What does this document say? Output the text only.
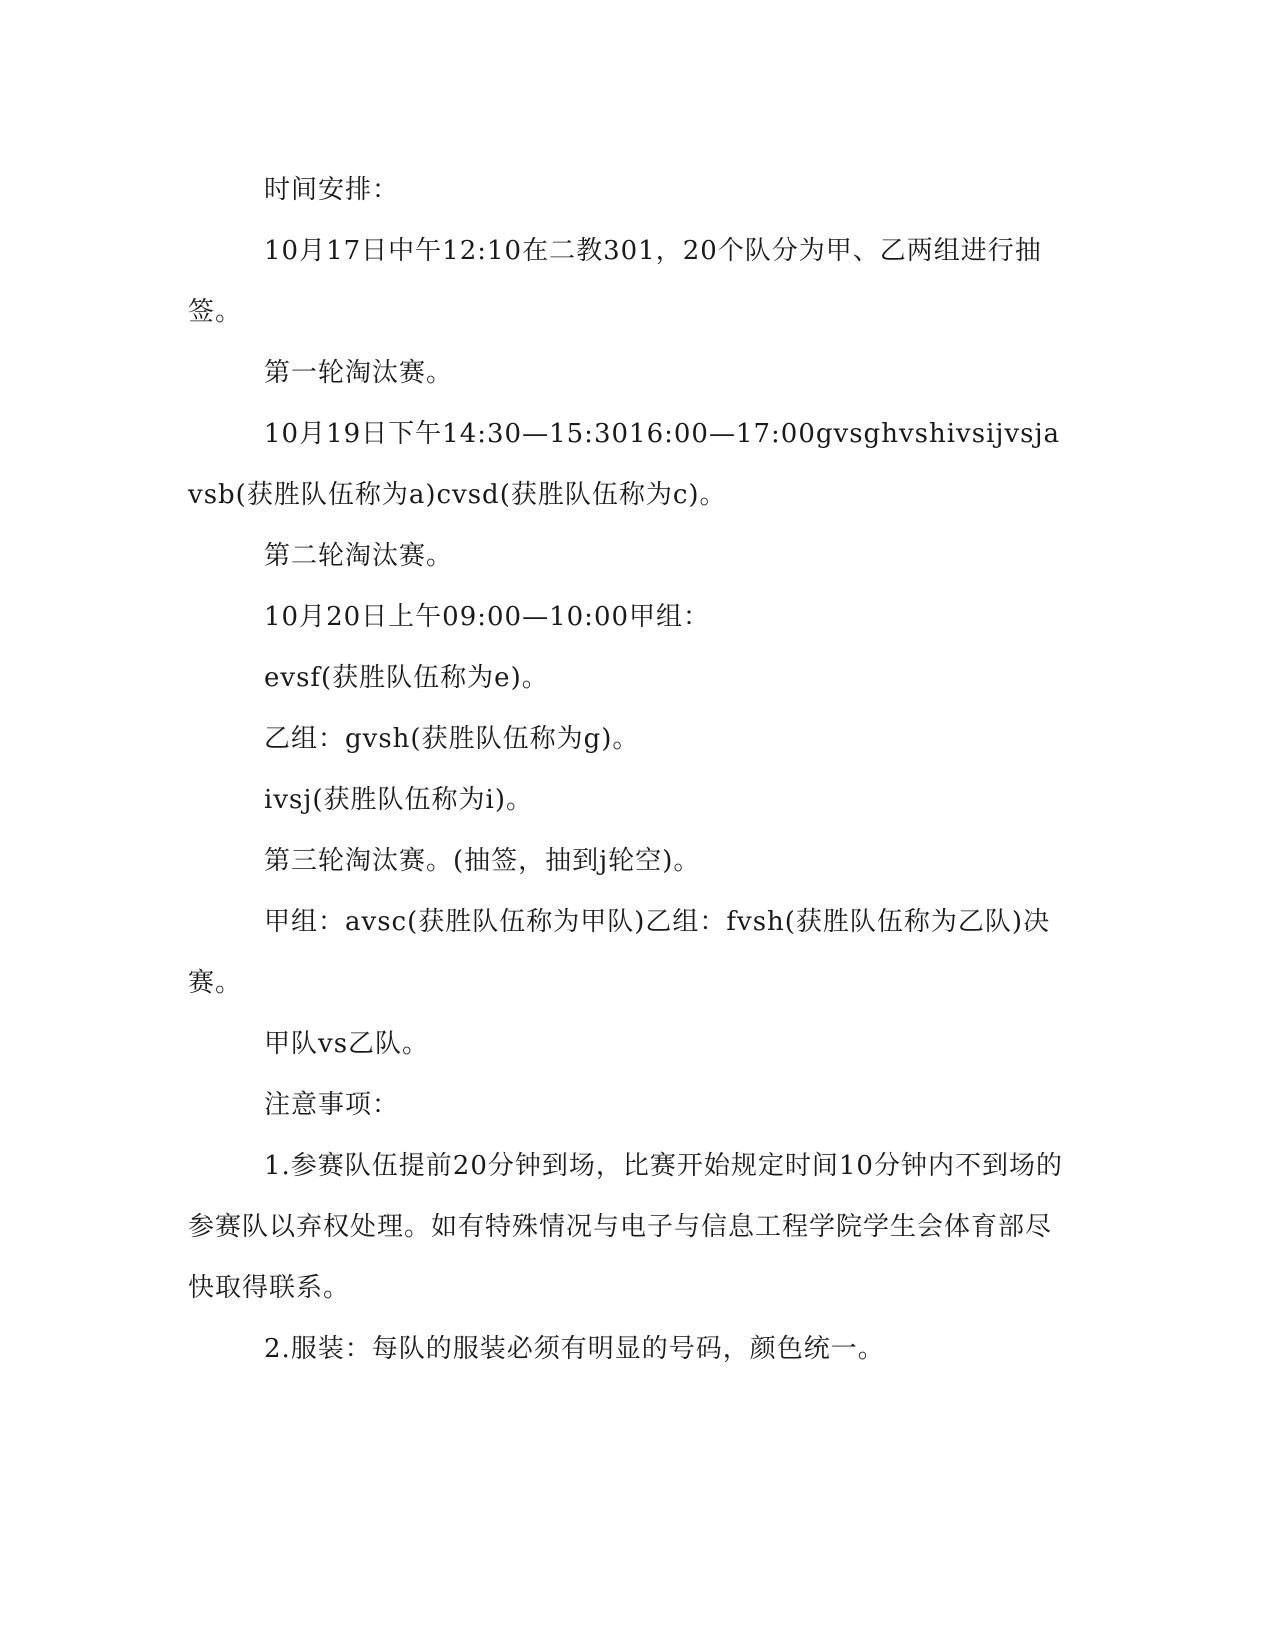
时间安排：

10月17日中午12:10在二教301，20个队分为甲、乙两组进行抽签。

第一轮淘汰赛。

10月19日下午14:30—15:3016:00—17:00gvsghvshivsijvsjavsb(获胜队伍称为a)cvsd(获胜队伍称为c)。

第二轮淘汰赛。

10月20日上午09:00—10:00甲组：

evsf(获胜队伍称为e)。

乙组：gvsh(获胜队伍称为g)。

ivsj(获胜队伍称为i)。

第三轮淘汰赛。(抽签，抽到j轮空)。

甲组：avsc(获胜队伍称为甲队)乙组：fvsh(获胜队伍称为乙队)决赛。

甲队vs乙队。

注意事项：

1.参赛队伍提前20分钟到场，比赛开始规定时间10分钟内不到场的参赛队以弃权处理。如有特殊情况与电子与信息工程学院学生会体育部尽快取得联系。

2.服装：每队的服装必须有明显的号码，颜色统一。
